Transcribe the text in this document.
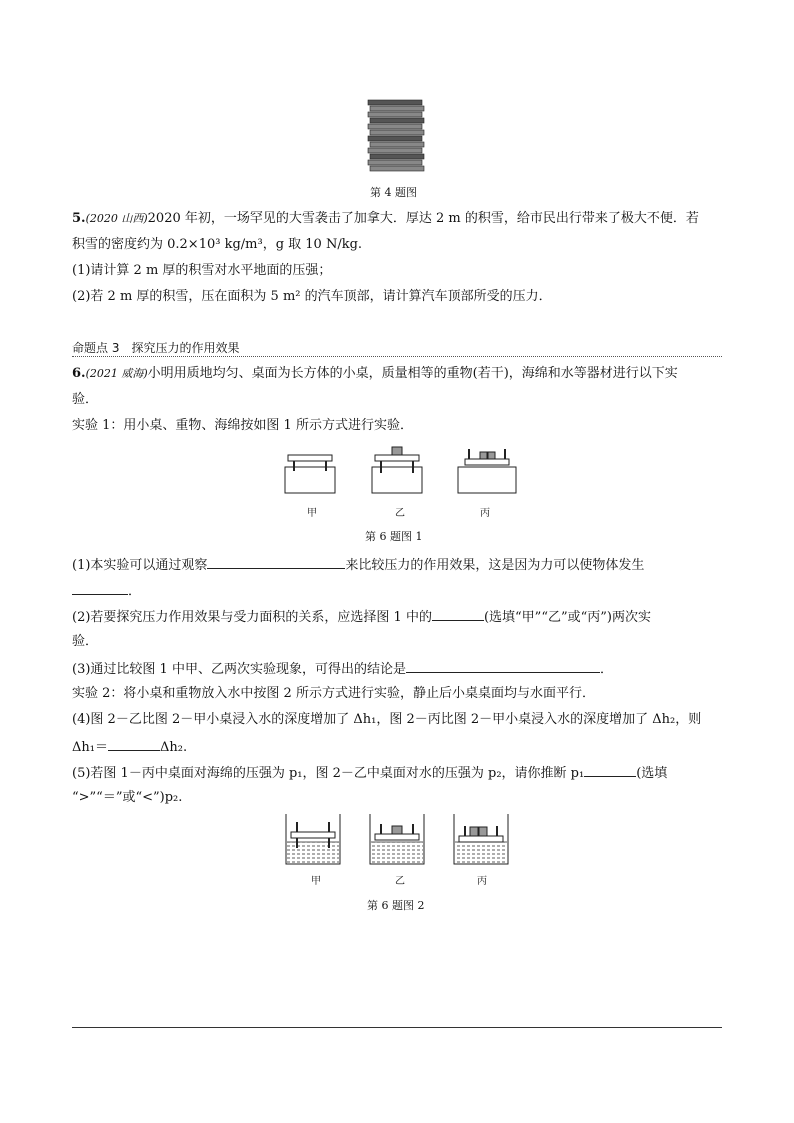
第 4 题图
5.(2020 山西)2020 年初，一场罕见的大雪袭击了加拿大．厚达 2 m 的积雪，给市民出行带来了极大不便．若
积雪的密度约为 0.2×10³ kg/m³，g 取 10 N/kg.
(1)请计算 2 m 厚的积雪对水平地面的压强；
(2)若 2 m 厚的积雪，压在面积为 5 m² 的汽车顶部，请计算汽车顶部所受的压力．
命题点 3　探究压力的作用效果
6.(2021 威海)小明用质地均匀、桌面为长方体的小桌，质量相等的重物(若干)，海绵和水等器材进行以下实
验．
实验 1：用小桌、重物、海绵按如图 1 所示方式进行实验．
甲	乙	丙
第 6 题图 1
(1)本实验可以通过观察	来比较压力的作用效果，这是因为力可以使物体发生
．
(2)若要探究压力作用效果与受力面积的关系，应选择图 1 中的	(选填“甲”“乙”或“丙”)两次实
验．
(3)通过比较图 1 中甲、乙两次实验现象，可得出的结论是	．
实验 2：将小桌和重物放入水中按图 2 所示方式进行实验，静止后小桌桌面均与水面平行．
(4)图 2－乙比图 2－甲小桌浸入水的深度增加了 Δh₁，图 2－丙比图 2－甲小桌浸入水的深度增加了 Δh₂，则
Δh₁＝	Δh₂.
(5)若图 1－丙中桌面对海绵的压强为 p₁，图 2－乙中桌面对水的压强为 p₂，请你推断 p₁	(选填
“>”“＝”或“<”)p₂.
甲	乙	丙
第 6 题图 2
